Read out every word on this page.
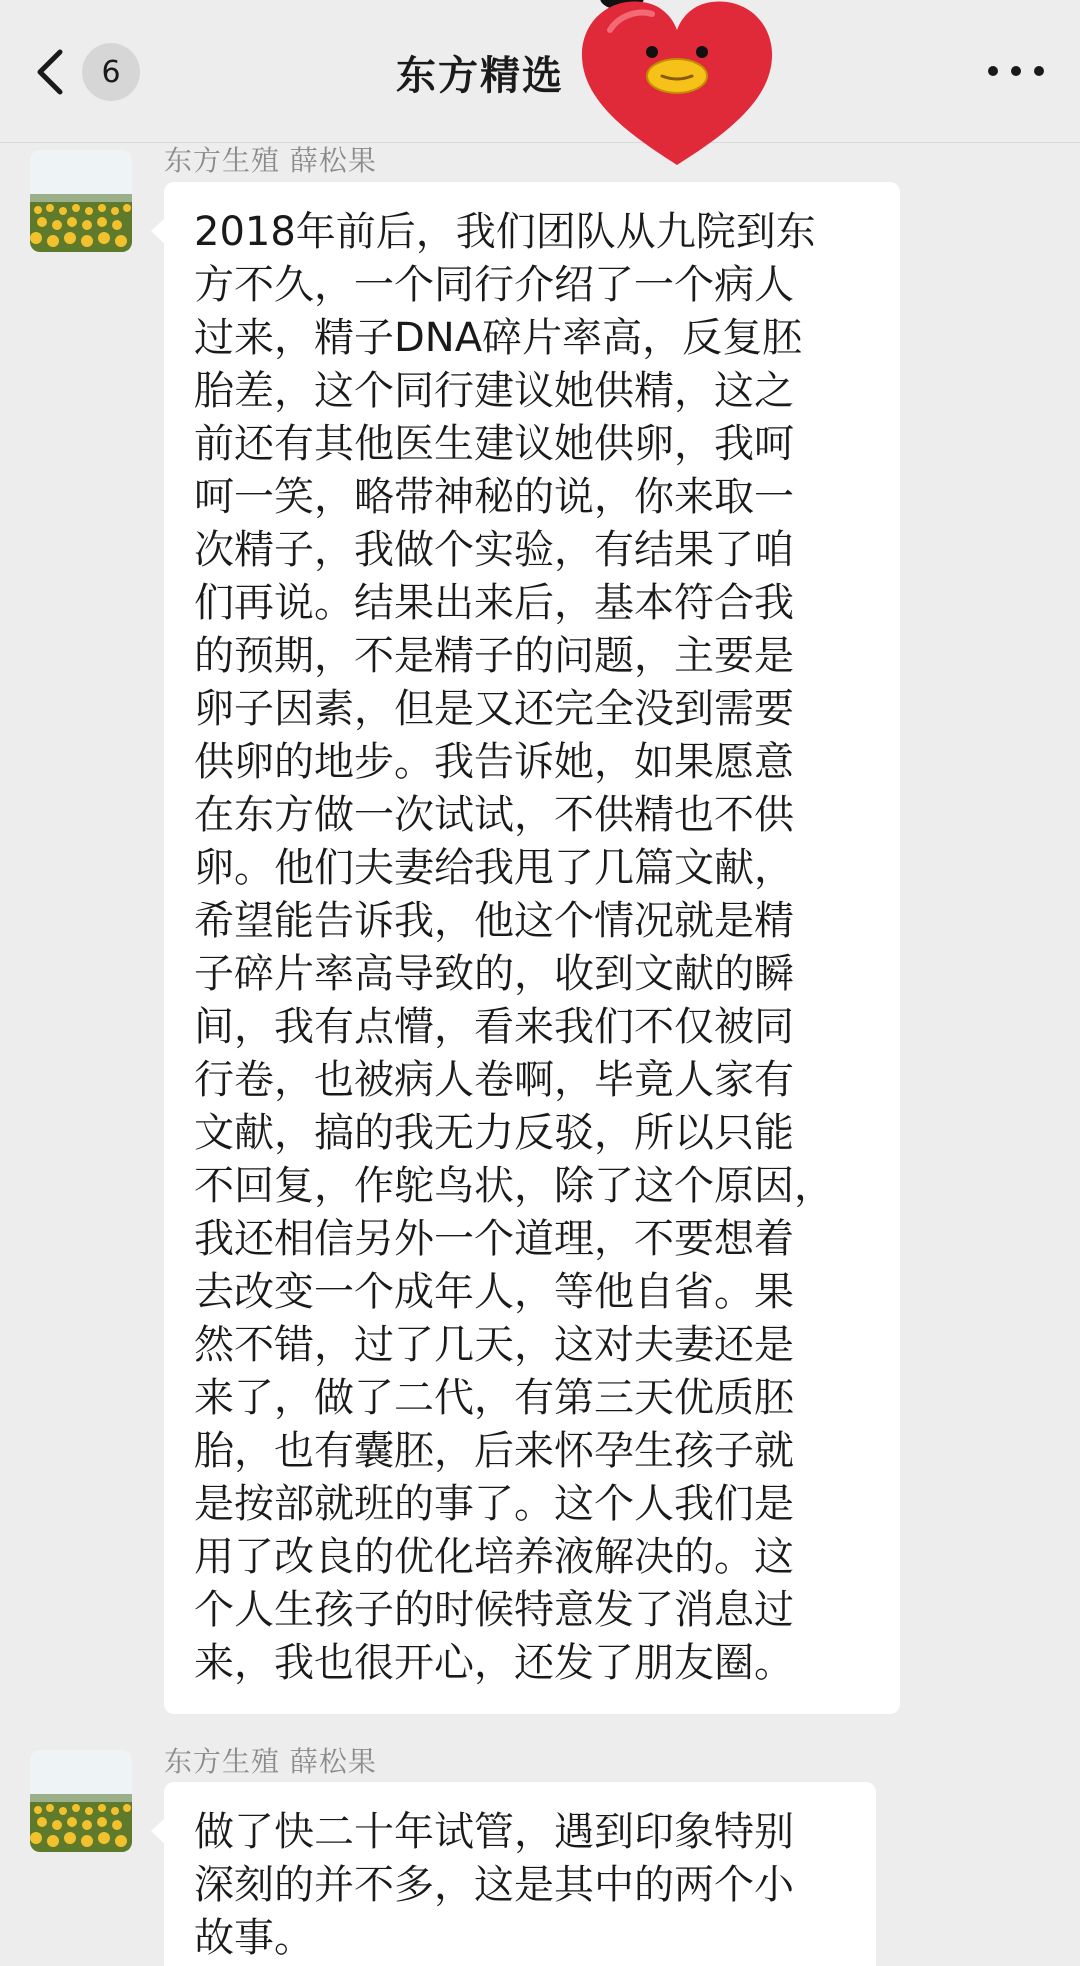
6	东方精选
东方生殖 薛松果
2018年前后，我们团队从九院到东
方不久，一个同行介绍了一个病人
过来，精子DNA碎片率高，反复胚
胎差，这个同行建议她供精，这之
前还有其他医生建议她供卵，我呵
呵一笑，略带神秘的说，你来取一
次精子，我做个实验，有结果了咱
们再说。结果出来后，基本符合我
的预期，不是精子的问题，主要是
卵子因素，但是又还完全没到需要
供卵的地步。我告诉她，如果愿意
在东方做一次试试，不供精也不供
卵。他们夫妻给我甩了几篇文献，
希望能告诉我，他这个情况就是精
子碎片率高导致的，收到文献的瞬
间，我有点懵，看来我们不仅被同
行卷，也被病人卷啊，毕竟人家有
文献，搞的我无力反驳，所以只能
不回复，作鸵鸟状，除了这个原因，
我还相信另外一个道理，不要想着
去改变一个成年人，等他自省。果
然不错，过了几天，这对夫妻还是
来了，做了二代，有第三天优质胚
胎，也有囊胚，后来怀孕生孩子就
是按部就班的事了。这个人我们是
用了改良的优化培养液解决的。这
个人生孩子的时候特意发了消息过
来，我也很开心，还发了朋友圈。
东方生殖 薛松果
做了快二十年试管，遇到印象特别
深刻的并不多，这是其中的两个小
故事。
